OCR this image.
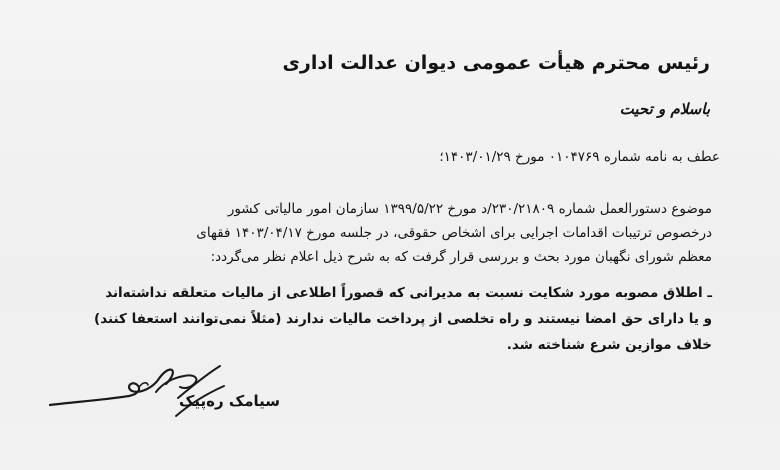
رئیس محترم هیأت عمومی دیوان عدالت اداری
باسلام و تحیت
عطف به نامه شماره ۰۱۰۴۷۶۹ مورخ ۱۴۰۳/۰۱/۲۹؛
موضوع دستورالعمل شماره ۲۳۰/۲۱۸۰۹/د مورخ ۱۳۹۹/۵/۲۲ سازمان امور مالیاتی کشور
درخصوص ترتیبات اقدامات اجرایی برای اشخاص حقوقی، در جلسه مورخ ۱۴۰۳/۰۴/۱۷ فقهای
معظم شورای نگهبان مورد بحث و بررسی قرار گرفت که به شرح ذیل اعلام نظر می‌گردد:
ـ اطلاق مصوبه مورد شکایت نسبت به مدیرانی که قصوراً اطلاعی از مالیات متعلقه نداشته‌اند
و یا دارای حق امضا نیستند و راه تخلصی از پرداخت مالیات ندارند (مثلاً نمی‌توانند استعفا کنند)
خلاف موازین شرع شناخته شد.
سیامک ره‌پیک
